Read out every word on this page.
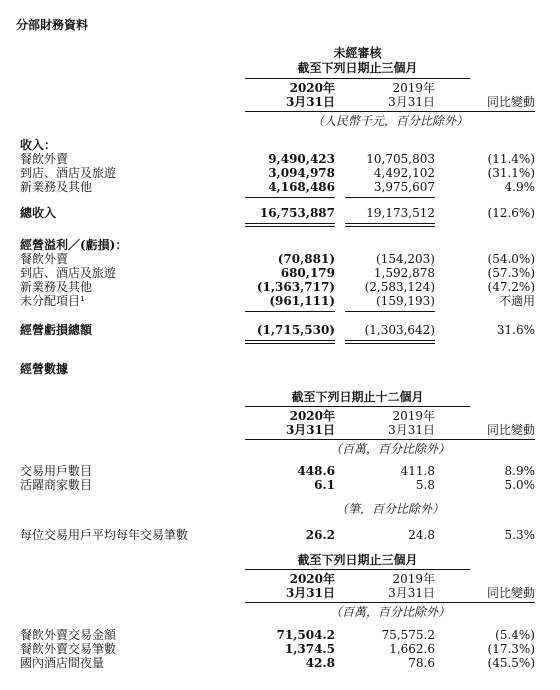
分部財務資料
未經審核
截至下列日期止三個月
2020年
3月31日
2019年
3月31日	同比變動
（人民幣千元，百分比除外）
收入：
餐飲外賣	9,490,423	10,705,803	(11.4%)
到店、酒店及旅遊	3,094,978	4,492,102	(31.1%)
新業務及其他	4,168,486	3,975,607	4.9%
總收入	16,753,887	19,173,512	(12.6%)
經營溢利／(虧損)：
餐飲外賣	(70,881)	(154,203)	(54.0%)
到店、酒店及旅遊	680,179	1,592,878	(57.3%)
新業務及其他	(1,363,717)	(2,583,124)	(47.2%)
未分配項目¹	(961,111)	(159,193)	不適用
經營虧損總額	(1,715,530)	(1,303,642)	31.6%
經營數據
截至下列日期止十二個月
2020年
3月31日
2019年
3月31日	同比變動
（百萬，百分比除外）
交易用戶數目	448.6	411.8	8.9%
活躍商家數目	6.1	5.8	5.0%
（筆，百分比除外）
每位交易用戶平均每年交易筆數	26.2	24.8	5.3%
截至下列日期止三個月
2020年
3月31日
2019年
3月31日	同比變動
（百萬，百分比除外）
餐飲外賣交易金額	71,504.2	75,575.2	(5.4%)
餐飲外賣交易筆數	1,374.5	1,662.6	(17.3%)
國內酒店間夜量	42.8	78.6	(45.5%)
